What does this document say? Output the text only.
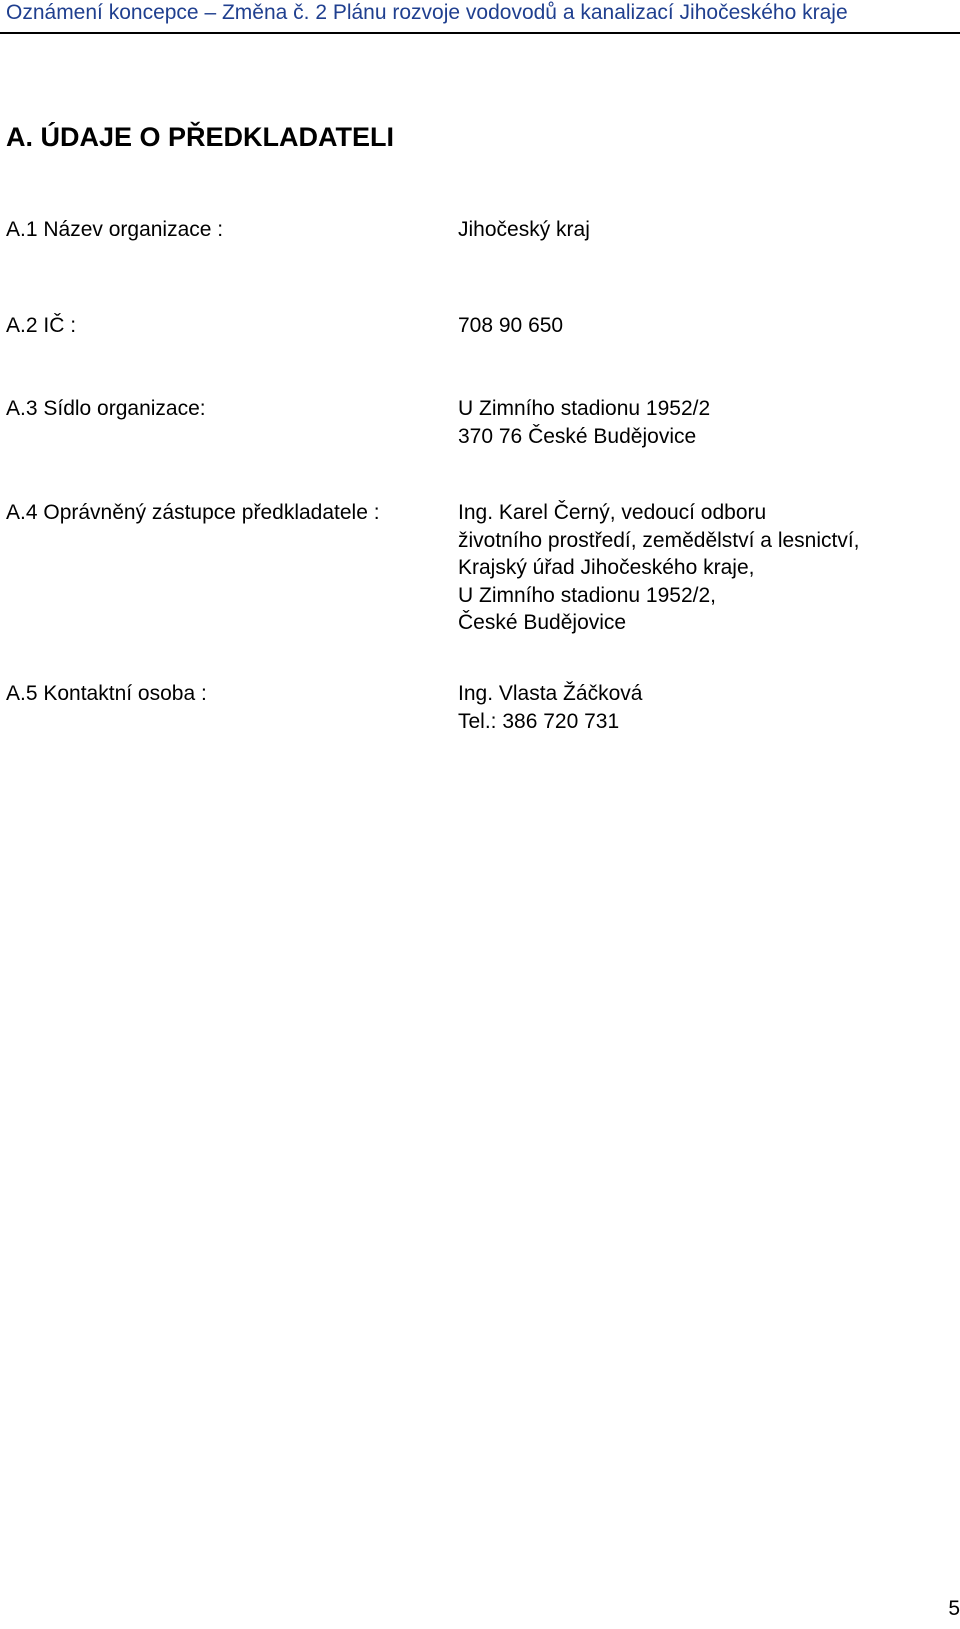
Oznámení koncepce – Změna č. 2 Plánu rozvoje vodovodů a kanalizací Jihočeského kraje
A. ÚDAJE O PŘEDKLADATELI
A.1 Název organizace :	Jihočeský kraj
A.2 IČ :	708 90 650
A.3 Sídlo organizace:	U Zimního stadionu 1952/2
370 76 České Budějovice
A.4 Oprávněný zástupce předkladatele :	Ing. Karel Černý, vedoucí odboru
životního prostředí, zemědělství a lesnictví,
Krajský úřad Jihočeského kraje,
U Zimního stadionu 1952/2,
České Budějovice
A.5 Kontaktní osoba :	Ing. Vlasta Žáčková
Tel.: 386 720 731
5
